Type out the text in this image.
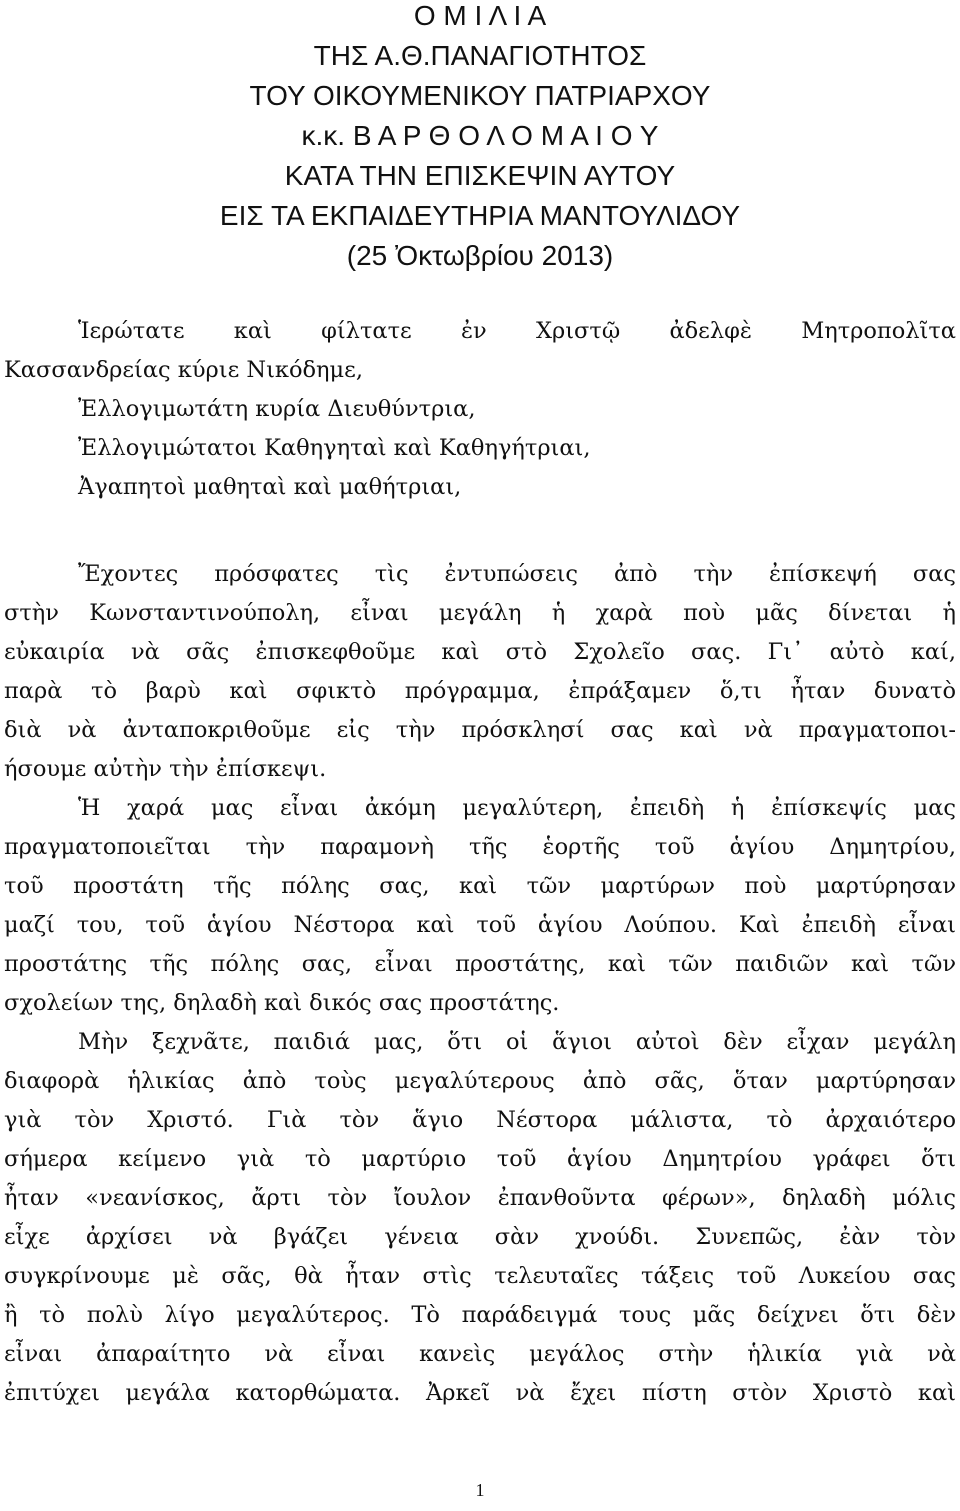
Ο Μ Ι Λ Ι Α
ΤΗΣ Α.Θ.ΠΑΝΑΓΙΟΤΗΤΟΣ
ΤΟΥ ΟΙΚΟΥΜΕΝΙΚΟΥ ΠΑΤΡΙΑΡΧΟΥ
κ.κ. Β Α Ρ Θ Ο Λ Ο Μ Α Ι Ο Υ
ΚΑΤΑ ΤΗΝ ΕΠΙΣΚΕΨΙΝ ΑΥΤΟΥ
ΕΙΣ ΤΑ ΕΚΠΑΙΔΕΥΤΗΡΙΑ ΜΑΝΤΟΥΛΙΔΟΥ
(25 Ὀκτωβρίου 2013)
Ἱερώτατε καὶ φίλτατε ἐν Χριστῷ ἀδελφὲ Μητροπολῖτα
Κασσανδρείας κύριε Νικόδημε,
Ἐλλογιμωτάτη κυρία Διευθύντρια,
Ἐλλογιμώτατοι Καθηγηταὶ καὶ Καθηγήτριαι,
Ἀγαπητοὶ μαθηταὶ καὶ μαθήτριαι,
Ἔχοντες πρόσφατες τὶς ἐντυπώσεις ἀπὸ τὴν ἐπίσκεψή σας
στὴν Κωνσταντινούπολη, εἶναι μεγάλη ἡ χαρὰ ποὺ μᾶς δίνεται ἡ
εὐκαιρία νὰ σᾶς ἐπισκεφθοῦμε καὶ στὸ Σχολεῖο σας. Γι᾽ αὐτὸ καί,
παρὰ τὸ βαρὺ καὶ σφικτὸ πρόγραμμα, ἐπράξαμεν ὅ,τι ἦταν δυνατὸ
διὰ νὰ ἀνταποκριθοῦμε εἰς τὴν πρόσκλησί σας καὶ νὰ πραγματοποι-
ήσουμε αὐτὴν τὴν ἐπίσκεψι.
Ἡ χαρά μας εἶναι ἀκόμη μεγαλύτερη, ἐπειδὴ ἡ ἐπίσκεψίς μας
πραγματοποιεῖται τὴν παραμονὴ τῆς ἑορτῆς τοῦ ἁγίου Δημητρίου,
τοῦ προστάτη τῆς πόλης σας, καὶ τῶν μαρτύρων ποὺ μαρτύρησαν
μαζί του, τοῦ ἁγίου Νέστορα καὶ τοῦ ἁγίου Λούπου. Καὶ ἐπειδὴ εἶναι
προστάτης τῆς πόλης σας, εἶναι προστάτης, καὶ τῶν παιδιῶν καὶ τῶν
σχολείων της, δηλαδὴ καὶ δικός σας προστάτης.
Μὴν ξεχνᾶτε, παιδιά μας, ὅτι οἱ ἅγιοι αὐτοὶ δὲν εἶχαν μεγάλη
διαφορὰ ἡλικίας ἀπὸ τοὺς μεγαλύτερους ἀπὸ σᾶς, ὅταν μαρτύρησαν
γιὰ τὸν Χριστό. Γιὰ τὸν ἅγιο Νέστορα μάλιστα, τὸ ἀρχαιότερο
σήμερα κείμενο γιὰ τὸ μαρτύριο τοῦ ἁγίου Δημητρίου γράφει ὅτι
ἦταν «νεανίσκος, ἄρτι τὸν ἴουλον ἐπανθοῦντα φέρων», δηλαδὴ μόλις
εἶχε ἀρχίσει νὰ βγάζει γένεια σὰν χνούδι. Συνεπῶς, ἐὰν τὸν
συγκρίνουμε μὲ σᾶς, θὰ ἦταν στὶς τελευταῖες τάξεις τοῦ Λυκείου σας
ἢ τὸ πολὺ λίγο μεγαλύτερος. Τὸ παράδειγμά τους μᾶς δείχνει ὅτι δὲν
εἶναι ἀπαραίτητο νὰ εἶναι κανεὶς μεγάλος στὴν ἡλικία γιὰ νὰ
ἐπιτύχει μεγάλα κατορθώματα. Ἀρκεῖ νὰ ἔχει πίστη στὸν Χριστὸ καὶ
1
